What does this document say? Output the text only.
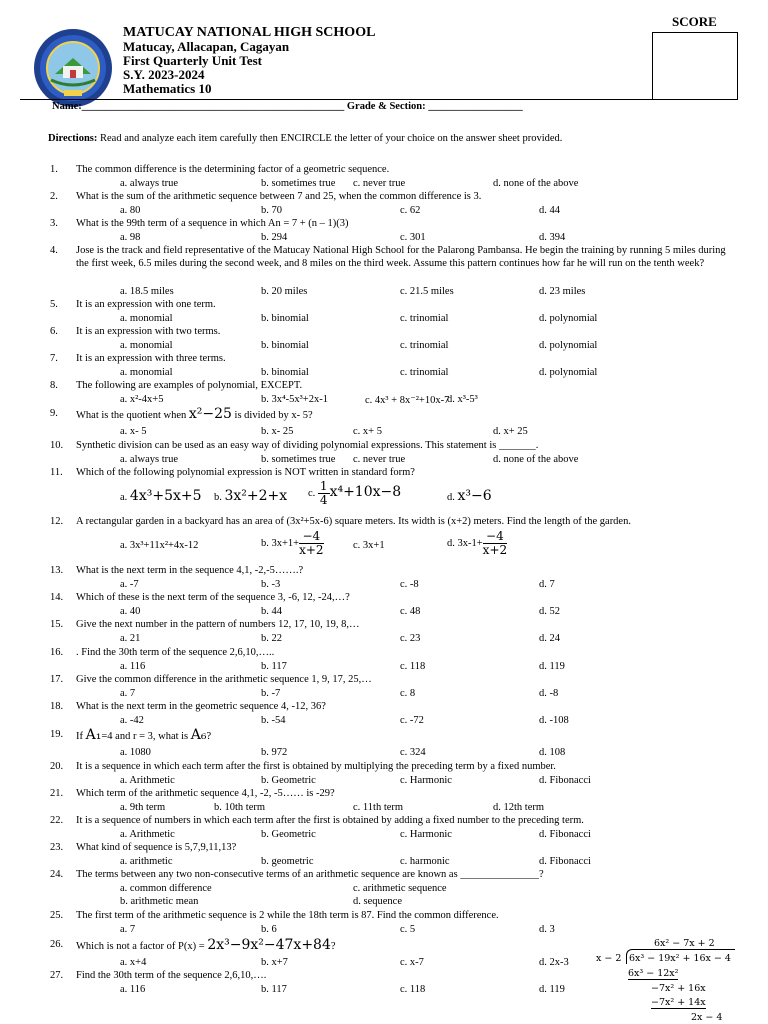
MATUCAY NATIONAL HIGH SCHOOL
Matucay, Allacapan, Cagayan
First Quarterly Unit Test
S.Y. 2023-2024
Mathematics 10
SCORE
Name:__________________________________________________ Grade & Section: __________________
Directions: Read and analyze each item carefully then ENCIRCLE the letter of your choice on the answer sheet provided.
1.	The common difference is the determining factor of a geometric sequence.
a. always true	b. sometimes true c. never true	d. none of the above
2.	What is the sum of the arithmetic sequence between 7 and 25, when the common difference is 3.
a. 80	b. 70	c. 62	d. 44
3.	What is the 99th term of a sequence in which An = 7 + (n – 1)(3)
a. 98	b. 294	c. 301	d. 394
4.	Jose is the track and field representative of the Matucay National High School for the Palarong Pambansa. He begin the training by running 5 miles during the first week, 6.5 miles during the second week, and 8 miles on the third week. Assume this pattern continues how far he will run on the tenth week?
a. 18.5 miles	b. 20 miles	c. 21.5 miles	d. 23 miles
5.	It is an expression with one term.
a. monomial	b. binomial	c. trinomial	d. polynomial
6.	It is an expression with two terms.
a. monomial	b. binomial	c. trinomial	d. polynomial
7.	It is an expression with three terms.
a. monomial	b. binomial	c. trinomial	d. polynomial
8.	The following are examples of polynomial, EXCEPT.
a. x²-4x+5	b. 3x⁴-5x³+2x-1	c. 4x³ + 8x⁻²+10x-7
d. x³-5³
9.	What is the quotient when x²−25 is divided by x- 5?
a. x- 5	b. x- 25	c. x+ 5	d. x+ 25
10.	Synthetic division can be used as an easy way of dividing polynomial expressions. This statement is _______.
a. always true	b. sometimes true c. never true	d. none of the above
11.	Which of the following polynomial expression is NOT written in standard form?
a. 4x³+5x+5 b. 3x²+2+x c. $\frac{1}{4} x^4+10x-8$	d. x³−6
12.	A rectangular garden in a backyard has an area of (3x²+5x-6) square meters. Its width is (x+2) meters. Find the length of the garden.
a. 3x³+11x²+4x-12	b. $3x+1+ \frac{-4}{x+2}$	c. 3x+1	d. $3x-1+ \frac{-4}{x+2}$
13.	What is the next term in the sequence 4,1, -2,-5…….?
a. -7	b. -3	c. -8	d. 7
14.	Which of these is the next term of the sequence 3, -6, 12, -24,…?
a. 40	b. 44	c. 48	d. 52
15.	Give the next number in the pattern of numbers 12, 17, 10, 19, 8,…
a. 21	b. 22	c. 23	d. 24
16.	. Find the 30th term of the sequence 2,6,10,…..
a. 116	b. 117	c. 118	d. 119
17.	Give the common difference in the arithmetic sequence 1, 9, 17, 25,…
a. 7	b. -7	c. 8	d. -8
18.	What is the next term in the geometric sequence 4, -12, 36?
a. -42	b. -54	c. -72	d. -108
19.	If A₁=4 and r = 3, what is A₆?
a. 1080	b. 972	c. 324	d. 108
20.	It is a sequence in which each term after the first is obtained by multiplying the preceding term by a fixed number.
a. Arithmetic	b. Geometric	c. Harmonic	d. Fibonacci
21.	Which term of the arithmetic sequence 4,1, -2, -5…… is -29?
a. 9th term	b. 10th term	c. 11th term	d. 12th term
22.	It is a sequence of numbers in which each term after the first is obtained by adding a fixed number to the preceding term.
a. Arithmetic	b. Geometric	c. Harmonic	d. Fibonacci
23.	What kind of sequence is 5,7,9,11,13?
a. arithmetic	b. geometric	c. harmonic	d. Fibonacci
24.	The terms between any two non-consecutive terms of an arithmetic sequence are known as _______________?
a. common difference
b. arithmetic mean
c. arithmetic sequence
d. sequence
25.	The first term of the arithmetic sequence is 2 while the 18th term is 87. Find the common difference.
a. 7	b. 6	c. 5	d. 3
26.	Which is not a factor of P(x) = 2x³−9x²−47x+84?
a. x+4	b. x+7	c. x-7	d. 2x-3
27.	Find the 30th term of the sequence 2,6,10,….
a. 116	b. 117	c. 118	d. 119
6x² − 7x + 2
x − 2 6x³ − 19x² + 16x − 4
6x³ − 12x²
−7x² + 16x
−7x² + 14x
2x − 4
